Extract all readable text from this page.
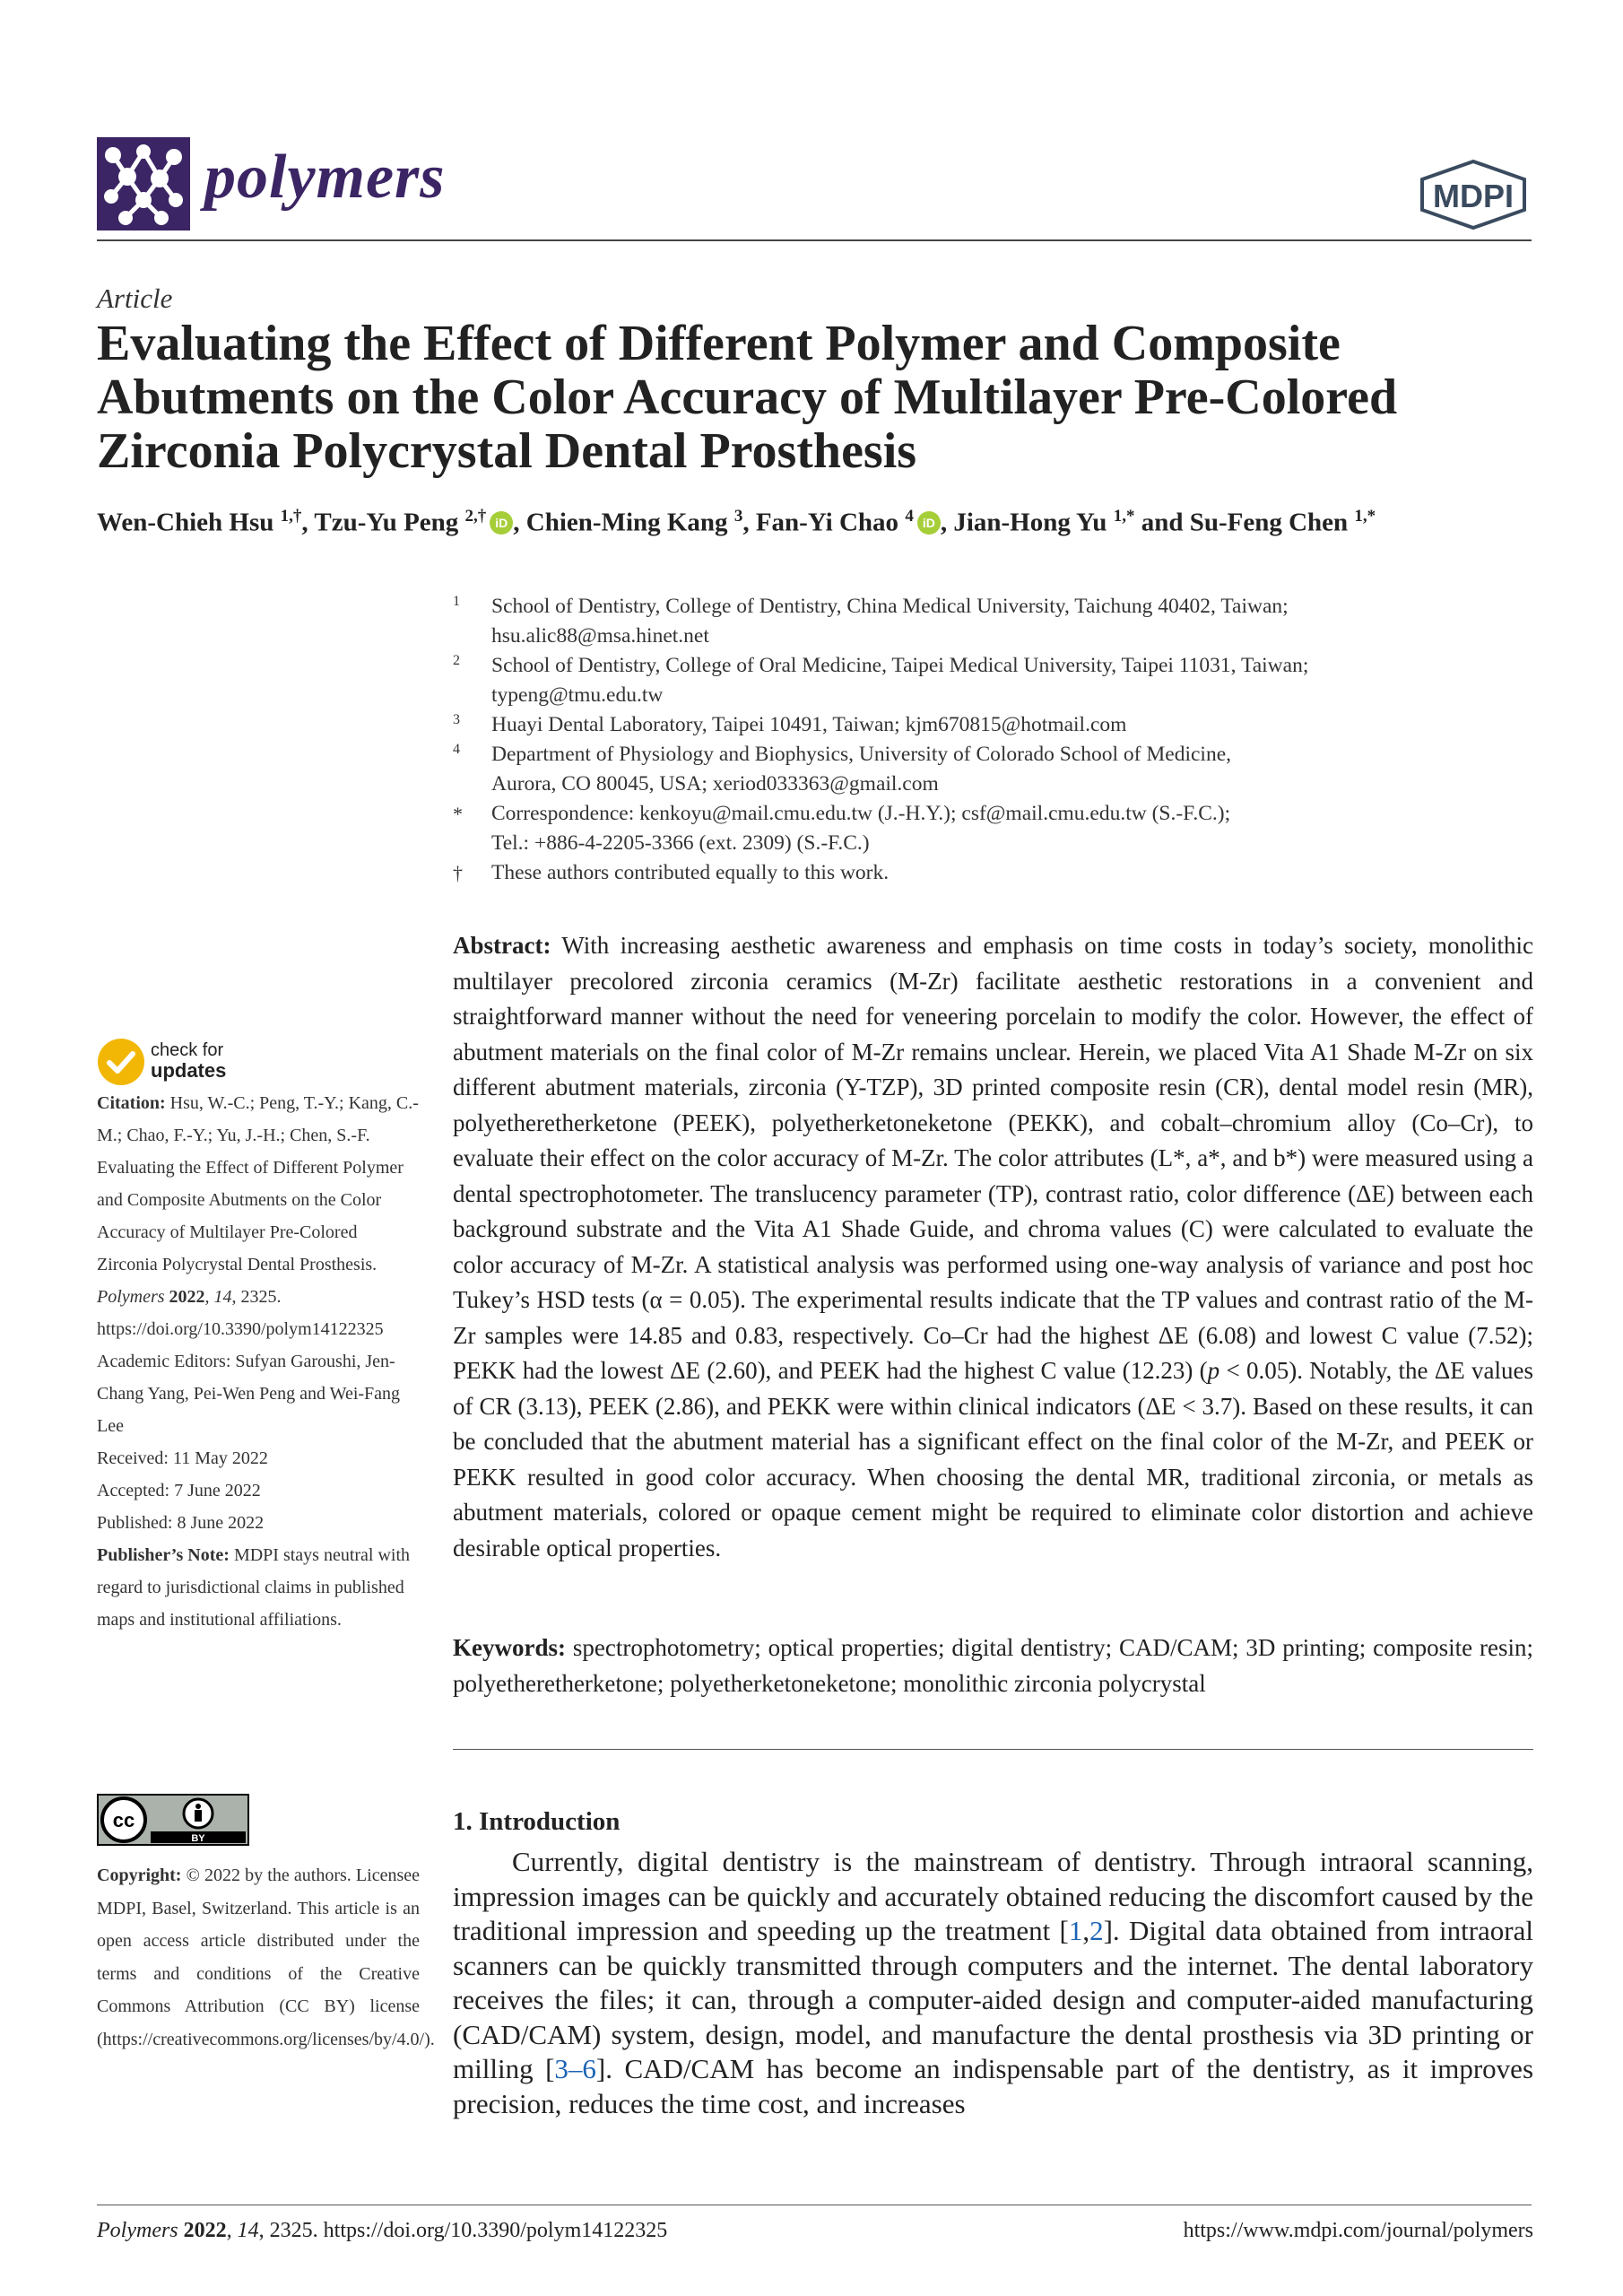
polymers	MDPI
Article
Evaluating the Effect of Different Polymer and Composite
Abutments on the Color Accuracy of Multilayer Pre-Colored
Zirconia Polycrystal Dental Prosthesis
Wen-Chieh Hsu $^{1,\dagger}$, Tzu-Yu Peng $^{2,\dagger}$ iD , Chien-Ming Kang $^3$, Fan-Yi Chao $^4$ iD , Jian-Hong Yu $^{1,*}$ and Su-Feng Chen $^{1,*}$
1 School of Dentistry, College of Dentistry, China Medical University, Taichung 40402, Taiwan;
hsu.alic88@msa.hinet.net
2 School of Dentistry, College of Oral Medicine, Taipei Medical University, Taipei 11031, Taiwan;
typeng@tmu.edu.tw
3 Huayi Dental Laboratory, Taipei 10491, Taiwan; kjm670815@hotmail.com
4 Department of Physiology and Biophysics, University of Colorado School of Medicine,
Aurora, CO 80045, USA; xeriod033363@gmail.com
* Correspondence: kenkoyu@mail.cmu.edu.tw (J.-H.Y.); csf@mail.cmu.edu.tw (S.-F.C.);
Tel.: +886-4-2205-3366 (ext. 2309) (S.-F.C.)
† These authors contributed equally to this work.
Abstract: With increasing aesthetic awareness and emphasis on time costs in today’s society, monolithic multilayer precolored zirconia ceramics (M-Zr) facilitate aesthetic restorations in a convenient and straightforward manner without the need for veneering porcelain to modify the color. However, the effect of abutment materials on the final color of M-Zr remains unclear. Herein, we placed Vita A1 Shade M-Zr on six different abutment materials, zirconia (Y-TZP), 3D printed composite resin (CR), dental model resin (MR), polyetheretherketone (PEEK), polyetherketoneketone (PEKK), and cobalt–chromium alloy (Co–Cr), to evaluate their effect on the color accuracy of M-Zr. The color attributes (L*, a*, and b*) were measured using a dental spectrophotometer. The translucency parameter (TP), contrast ratio, color difference (ΔE) between each background substrate and the Vita A1 Shade Guide, and chroma values (C) were calculated to evaluate the color accuracy of M-Zr. A statistical analysis was performed using one-way analysis of variance and post hoc Tukey’s HSD tests (α = 0.05). The experimental results indicate that the TP values and contrast ratio of the M-Zr samples were 14.85 and 0.83, respectively. Co–Cr had the highest ΔE (6.08) and lowest C value (7.52); PEKK had the lowest ΔE (2.60), and PEEK had the highest C value (12.23) (p < 0.05). Notably, the ΔE values of CR (3.13), PEEK (2.86), and PEKK were within clinical indicators (ΔE < 3.7). Based on these results, it can be concluded that the abutment material has a significant effect on the final color of the M-Zr, and PEEK or PEKK resulted in good color accuracy. When choosing the dental MR, traditional zirconia, or metals as abutment materials, colored or opaque cement might be required to eliminate color distortion and achieve desirable optical properties.
Keywords: spectrophotometry; optical properties; digital dentistry; CAD/CAM; 3D printing; composite resin; polyetheretherketone; polyetherketoneketone; monolithic zirconia polycrystal
1. Introduction
Currently, digital dentistry is the mainstream of dentistry. Through intraoral scanning, impression images can be quickly and accurately obtained reducing the discomfort caused by the traditional impression and speeding up the treatment [1,2]. Digital data obtained from intraoral scanners can be quickly transmitted through computers and the internet. The dental laboratory receives the files; it can, through a computer-aided design and computer-aided manufacturing (CAD/CAM) system, design, model, and manufacture the dental prosthesis via 3D printing or milling [3–6]. CAD/CAM has become an indispensable part of the dentistry, as it improves precision, reduces the time cost, and increases
check for
updates

Citation: Hsu, W.-C.; Peng, T.-Y.; Kang, C.-M.; Chao, F.-Y.; Yu, J.-H.; Chen, S.-F. Evaluating the Effect of Different Polymer and Composite Abutments on the Color Accuracy of Multilayer Pre-Colored Zirconia Polycrystal Dental Prosthesis. Polymers 2022, 14, 2325. https://doi.org/10.3390/polym14122325

Academic Editors: Sufyan Garoushi, Jen-Chang Yang, Pei-Wen Peng and Wei-Fang Lee

Received: 11 May 2022

Accepted: 7 June 2022

Published: 8 June 2022

Publisher’s Note: MDPI stays neutral with regard to jurisdictional claims in published maps and institutional affiliations.

cc
BY
Copyright: © 2022 by the authors. Licensee MDPI, Basel, Switzerland. This article is an open access article distributed under the terms and conditions of the Creative Commons Attribution (CC BY) license (https://creativecommons.org/licenses/by/4.0/).
Polymers 2022, 14, 2325. https://doi.org/10.3390/polym14122325	https://www.mdpi.com/journal/polymers
